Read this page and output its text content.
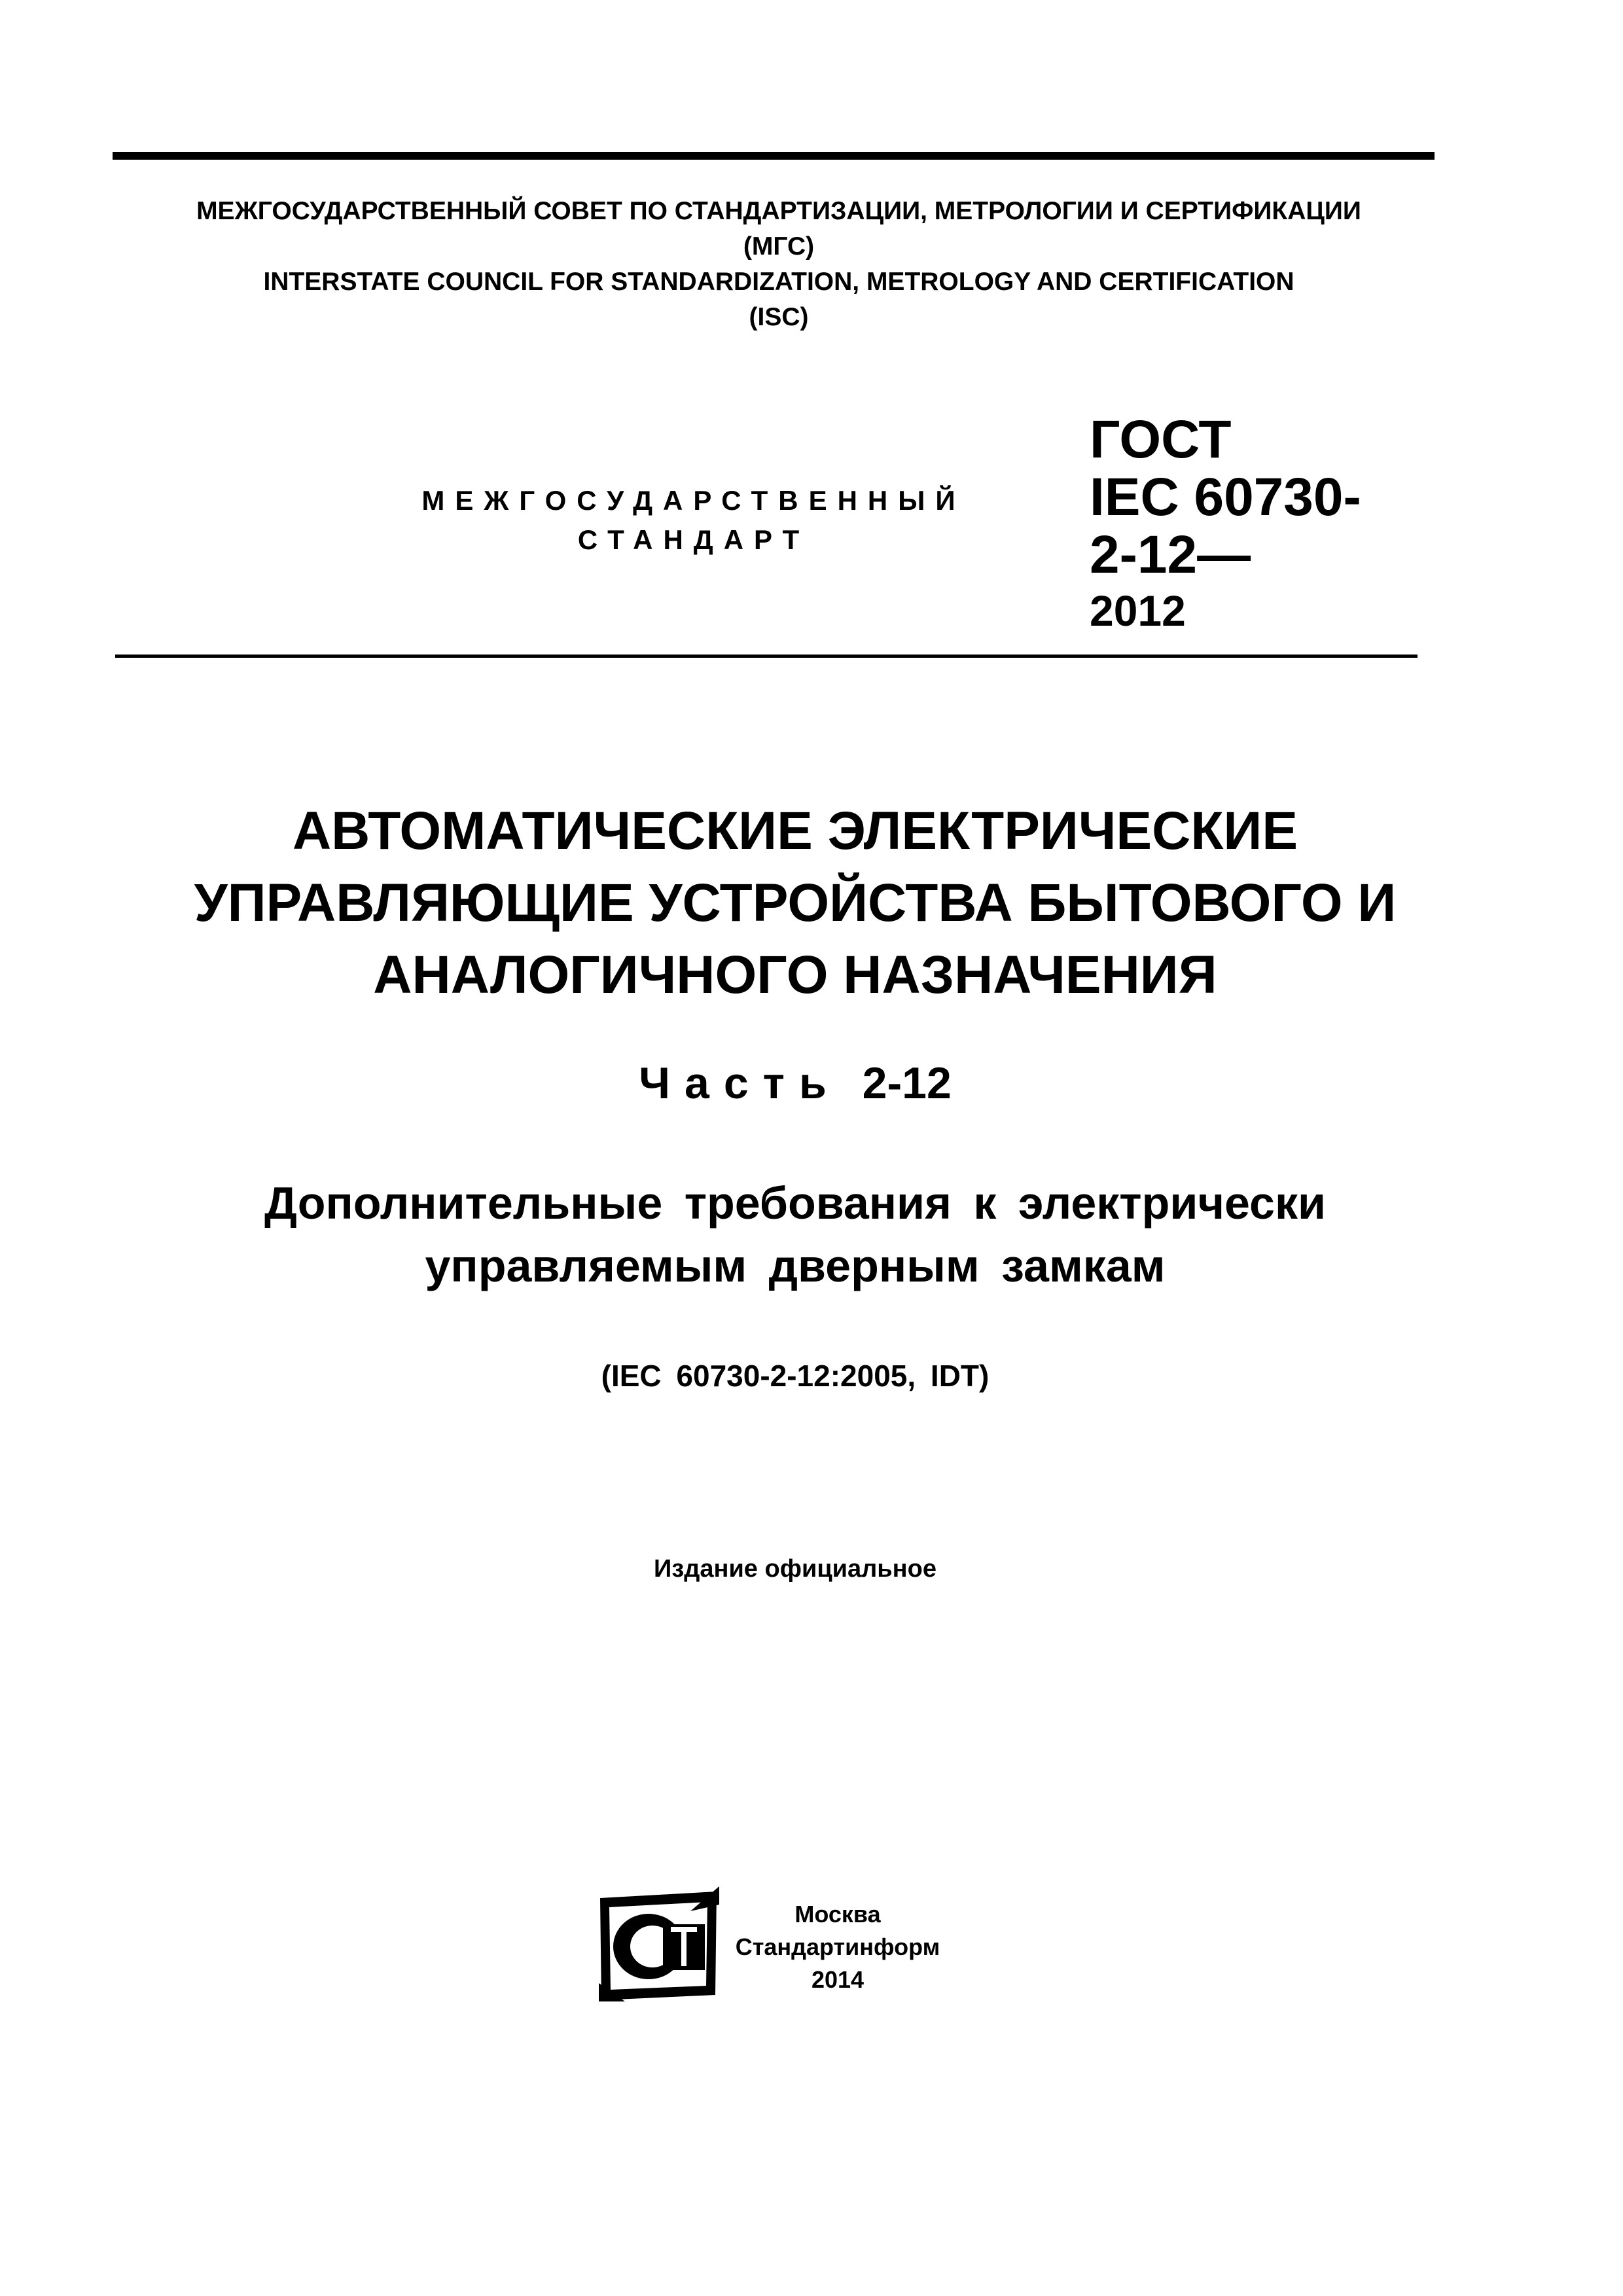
МЕЖГОСУДАРСТВЕННЫЙ СОВЕТ ПО СТАНДАРТИЗАЦИИ, МЕТРОЛОГИИ И СЕРТИФИКАЦИИ
(МГС)
INTERSTATE COUNCIL FOR STANDARDIZATION, METROLOGY AND CERTIFICATION
(ISC)
МЕЖГОСУДАРСТВЕННЫЙ
СТАНДАРТ
ГОСТ
IEC 60730-
2-12—
2012
АВТОМАТИЧЕСКИЕ ЭЛЕКТРИЧЕСКИЕ
УПРАВЛЯЮЩИЕ УСТРОЙСТВА БЫТОВОГО И
АНАЛОГИЧНОГО НАЗНАЧЕНИЯ
Часть 2-12
Дополнительные требования к электрически
управляемым дверным замкам
(IEC 60730-2-12:2005, IDT)
Издание официальное
Москва
Стандартинформ
2014
